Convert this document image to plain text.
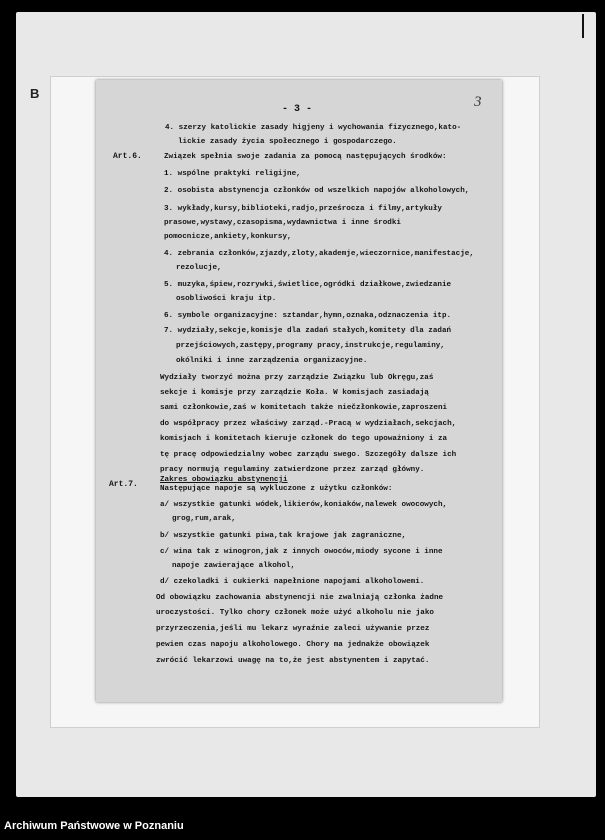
B
3
- 3 -
Art.6.
Art.7.
4. szerzy katolickie zasady higjeny i wychowania fizycznego,kato-
lickie zasady życia społecznego i gospodarczego.
Związek spełnia swoje zadania za pomocą następujących środków:
1. wspólne praktyki religijne,
2. osobista abstynencja członków od wszelkich napojów alkoholowych,
3. wykłady,kursy,biblioteki,radjo,prześrocza i filmy,artykuły prasowe,wystawy,czasopisma,wydawnictwa i inne środki pomocnicze,ankiety,konkursy,
4. zebrania członków,zjazdy,zloty,akademje,wieczornice,manifestacje,
rezolucje,
5. muzyka,śpiew,rozrywki,świetlice,ogródki działkowe,zwiedzanie
osobliwości kraju itp.
6. symbole organizacyjne: sztandar,hymn,oznaka,odznaczenia itp.
7. wydziały,sekcje,komisje dla zadań stałych,komitety dla zadań
przejściowych,zastępy,programy pracy,instrukcje,regulaminy,
okólniki i inne zarządzenia organizacyjne.
Wydziały tworzyć można przy zarządzie Związku lub Okręgu,zaś
sekcje i komisje przy zarządzie Koła. W komisjach zasiadają
sami członkowie,zaś w komitetach także niečzłonkowie,zaproszeni
do współpracy przez właściwy zarząd.-Pracą w wydziałach,sekcjach,
komisjach i komitetach kieruje członek do tego upoważniony i za
tę pracę odpowiedzialny wobec zarządu swego. Szczegóły dalsze ich
pracy normują regulaminy zatwierdzone przez zarząd główny.
Zakres obowiązku abstynencji
Następujące napoje są wykluczone z użytku członków:
a/ wszystkie gatunki wódek,likierów,koniaków,nalewek owocowych,
grog,rum,arak,
b/ wszystkie gatunki piwa,tak krajowe jak zagraniczne,
c/ wina tak z winogron,jak z innych owoców,miody sycone i inne
napoje zawierające alkohol,
d/ czekoladki i cukierki napełnione napojami alkoholowemi.
Od obowiązku zachowania abstynencji nie zwalniają członka żadne
uroczystości. Tylko chory członek może użyć alkoholu nie jako
przyrzeczenia,jeśli mu lekarz wyraźnie zaleci używanie przez
pewien czas napoju alkoholowego. Chory ma jednakże obowiązek
zwrócić lekarzowi uwagę na to,że jest abstynentem i zapytać.
Archiwum Państwowe w Poznaniu
